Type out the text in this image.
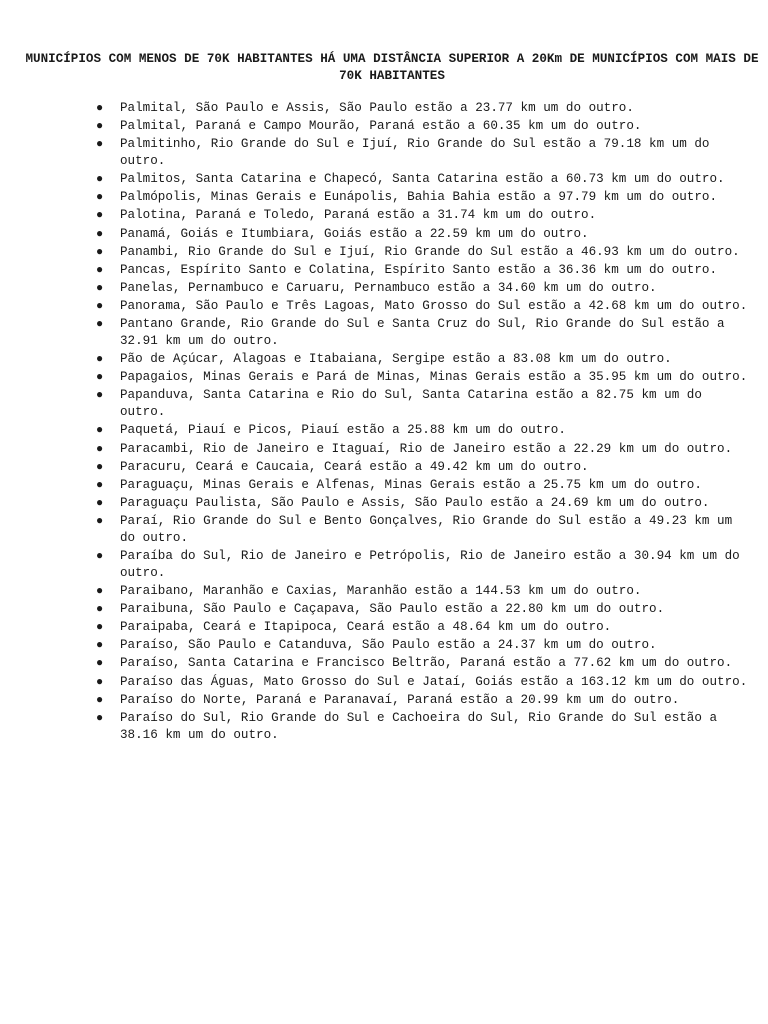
MUNICÍPIOS COM MENOS DE 70K HABITANTES HÁ UMA DISTÂNCIA SUPERIOR A 20Km DE MUNICÍPIOS COM MAIS DE 70K HABITANTES
● Palmital, São Paulo e Assis, São Paulo estão a 23.77 km um do outro.
● Palmital, Paraná e Campo Mourão, Paraná estão a 60.35 km um do outro.
● Palmitinho, Rio Grande do Sul e Ijuí, Rio Grande do Sul estão a 79.18 km um do outro.
● Palmitos, Santa Catarina e Chapecó, Santa Catarina estão a 60.73 km um do outro.
● Palmópolis, Minas Gerais e Eunápolis, Bahia Bahia estão a 97.79 km um do outro.
● Palotina, Paraná e Toledo, Paraná estão a 31.74 km um do outro.
● Panamá, Goiás e Itumbiara, Goiás estão a 22.59 km um do outro.
● Panambi, Rio Grande do Sul e Ijuí, Rio Grande do Sul estão a 46.93 km um do outro.
● Pancas, Espírito Santo e Colatina, Espírito Santo estão a 36.36 km um do outro.
● Panelas, Pernambuco e Caruaru, Pernambuco estão a 34.60 km um do outro.
● Panorama, São Paulo e Três Lagoas, Mato Grosso do Sul estão a 42.68 km um do outro.
● Pantano Grande, Rio Grande do Sul e Santa Cruz do Sul, Rio Grande do Sul estão a 32.91 km um do outro.
● Pão de Açúcar, Alagoas e Itabaiana, Sergipe estão a 83.08 km um do outro.
● Papagaios, Minas Gerais e Pará de Minas, Minas Gerais estão a 35.95 km um do outro.
● Papanduva, Santa Catarina e Rio do Sul, Santa Catarina estão a 82.75 km um do outro.
● Paquetá, Piauí e Picos, Piauí estão a 25.88 km um do outro.
● Paracambi, Rio de Janeiro e Itaguaí, Rio de Janeiro estão a 22.29 km um do outro.
● Paracuru, Ceará e Caucaia, Ceará estão a 49.42 km um do outro.
● Paraguaçu, Minas Gerais e Alfenas, Minas Gerais estão a 25.75 km um do outro.
● Paraguaçu Paulista, São Paulo e Assis, São Paulo estão a 24.69 km um do outro.
● Paraí, Rio Grande do Sul e Bento Gonçalves, Rio Grande do Sul estão a 49.23 km um do outro.
● Paraíba do Sul, Rio de Janeiro e Petrópolis, Rio de Janeiro estão a 30.94 km um do outro.
● Paraibano, Maranhão e Caxias, Maranhão estão a 144.53 km um do outro.
● Paraibuna, São Paulo e Caçapava, São Paulo estão a 22.80 km um do outro.
● Paraipaba, Ceará e Itapipoca, Ceará estão a 48.64 km um do outro.
● Paraíso, São Paulo e Catanduva, São Paulo estão a 24.37 km um do outro.
● Paraíso, Santa Catarina e Francisco Beltrão, Paraná estão a 77.62 km um do outro.
● Paraíso das Águas, Mato Grosso do Sul e Jataí, Goiás estão a 163.12 km um do outro.
● Paraíso do Norte, Paraná e Paranavaí, Paraná estão a 20.99 km um do outro.
● Paraíso do Sul, Rio Grande do Sul e Cachoeira do Sul, Rio Grande do Sul estão a 38.16 km um do outro.
